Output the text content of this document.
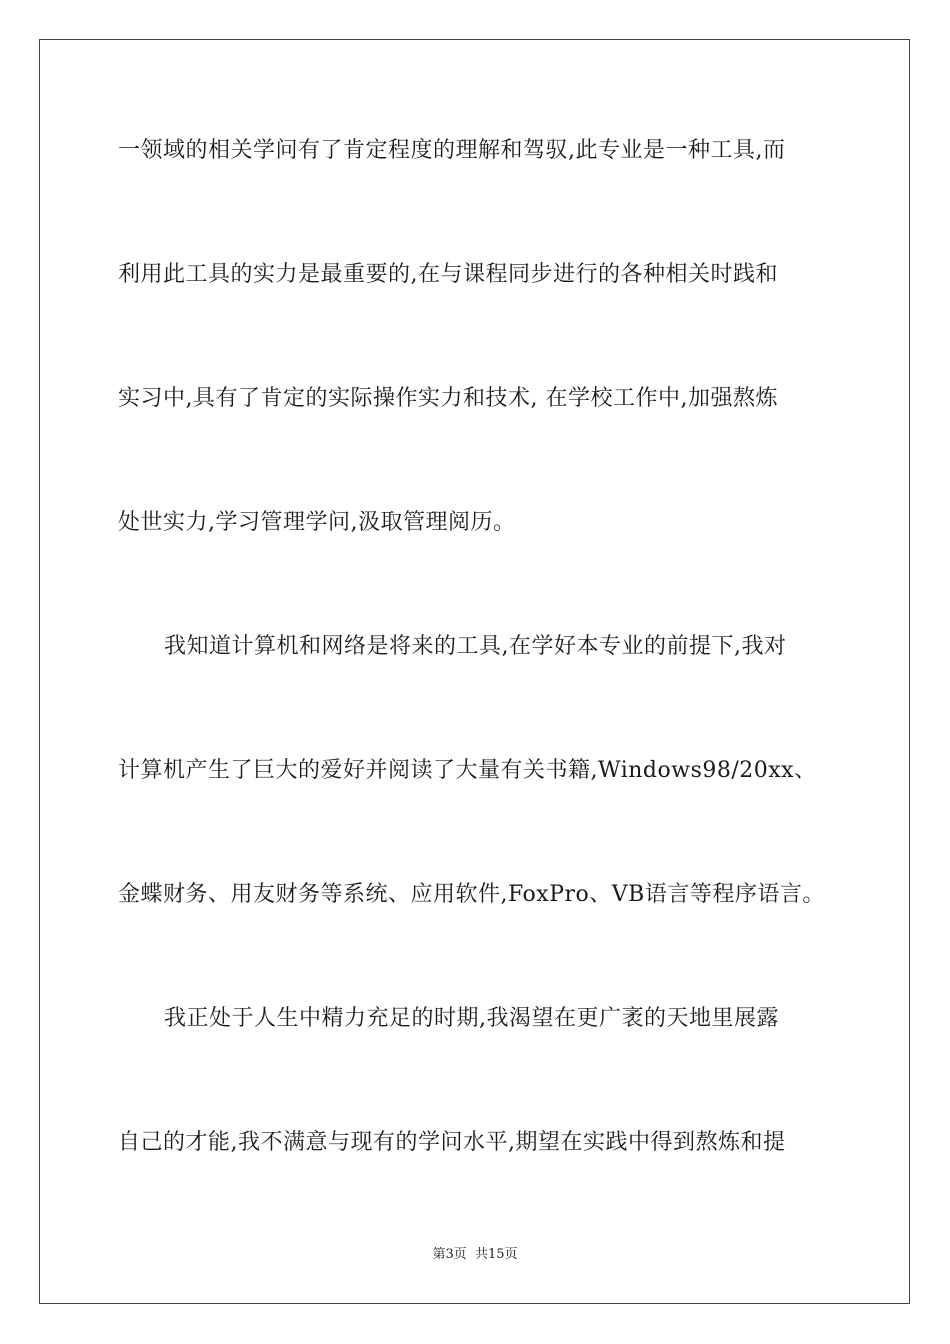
一领域的相关学问有了肯定程度的理解和驾驭,此专业是一种工具,而
利用此工具的实力是最重要的,在与课程同步进行的各种相关时践和
实习中,具有了肯定的实际操作实力和技术, 在学校工作中,加强熬炼
处世实力,学习管理学问,汲取管理阅历。
我知道计算机和网络是将来的工具,在学好本专业的前提下,我对
计算机产生了巨大的爱好并阅读了大量有关书籍,Windows98/20xx、
金蝶财务、用友财务等系统、应用软件,FoxPro、VB语言等程序语言。
我正处于人生中精力充足的时期,我渴望在更广袤的天地里展露
自己的才能,我不满意与现有的学问水平,期望在实践中得到熬炼和提
第3页  共15页
